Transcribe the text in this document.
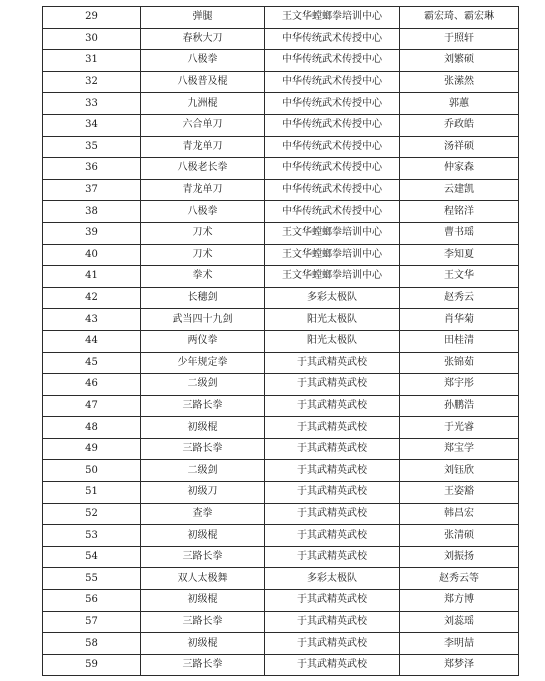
29	弹腿	王文华螳螂拳培训中心	霸宏琦、霸宏琳
30	春秋大刀	中华传统武术传授中心	于照轩
31	八极拳	中华传统武术传授中心	刘繁硕
32	八极普及棍	中华传统武术传授中心	张潆然
33	九洲棍	中华传统武术传授中心	郭蕙
34	六合单刀	中华传统武术传授中心	乔政皓
35	青龙单刀	中华传统武术传授中心	汤祥硕
36	八极老长拳	中华传统武术传授中心	仲家森
37	青龙单刀	中华传统武术传授中心	云建凯
38	八极拳	中华传统武术传授中心	程铭洋
39	刀术	王文华螳螂拳培训中心	曹书瑶
40	刀术	王文华螳螂拳培训中心	李知夏
41	拳术	王文华螳螂拳培训中心	王文华
42	长穗剑	多彩太极队	赵秀云
43	武当四十九剑	阳光太极队	肖华菊
44	两仪拳	阳光太极队	田桂清
45	少年规定拳	于其武精英武校	张锦茹
46	二级剑	于其武精英武校	郑宇彤
47	三路长拳	于其武精英武校	孙鹏浩
48	初级棍	于其武精英武校	于光睿
49	三路长拳	于其武精英武校	郑宝学
50	二级剑	于其武精英武校	刘钰欣
51	初级刀	于其武精英武校	王姿豁
52	查拳	于其武精英武校	韩昌宏
53	初级棍	于其武精英武校	张清硕
54	三路长拳	于其武精英武校	刘振扬
55	双人太极舞	多彩太极队	赵秀云等
56	初级棍	于其武精英武校	郑方博
57	三路长拳	于其武精英武校	刘蕊瑶
58	初级棍	于其武精英武校	李明喆
59	三路长拳	于其武精英武校	郑梦泽
